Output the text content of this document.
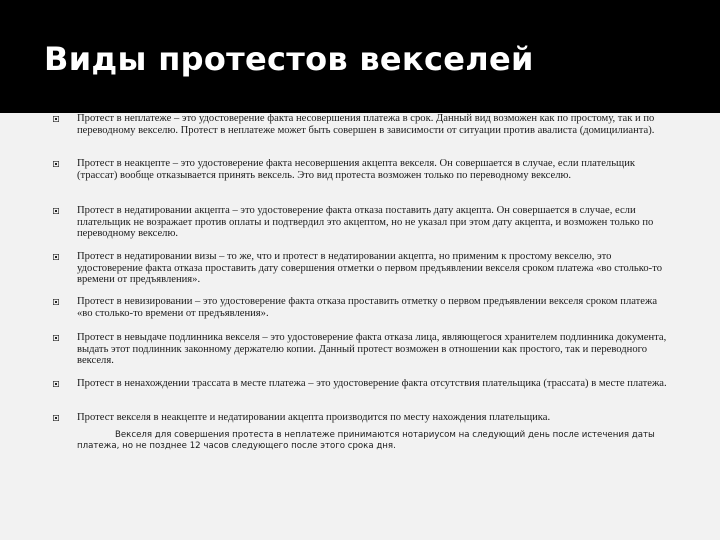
Виды протестов векселей
Протест в неплатеже – это удостоверение факта несовершения платежа в срок. Данный вид возможен как по простому, так и по переводному векселю. Протест в неплатеже может быть совершен в зависимости от ситуации против авалиста (домицилианта).
Протест в неакцепте – это удостоверение факта несовершения акцепта векселя. Он совершается в случае, если плательщик (трассат) вообще отказывается принять вексель. Это вид протеста возможен только по переводному векселю.
Протест в недатировании акцепта – это удостоверение факта отказа поставить дату акцепта. Он совершается в случае, если плательщик не возражает против оплаты и подтвердил это акцептом, но не указал при этом дату акцепта, и возможен только по переводному векселю.
Протест в недатировании визы – то же, что и протест в недатировании акцепта, но применим к простому векселю, это удостоверение факта отказа проставить дату совершения отметки о первом предъявлении векселя сроком платежа «во столько-то времени от предъявления».
Протест в невизировании – это удостоверение факта отказа проставить отметку о первом предъявлении векселя сроком платежа «во столько-то времени от предъявления».
Протест в невыдаче подлинника векселя – это удостоверение факта отказа лица, являющегося хранителем подлинника документа, выдать этот подлинник законному держателю копии. Данный протест возможен в отношении как простого, так и переводного векселя.
Протест в ненахождении трассата в месте платежа – это удостоверение факта отсутствия плательщика (трассата) в месте платежа.
Протест векселя в неакцепте и недатировании акцепта производится по месту нахождения плательщика.
Векселя для совершения протеста в неплатеже принимаются нотариусом на следующий день после истечения даты платежа, но не позднее 12 часов следующего после этого срока дня.
